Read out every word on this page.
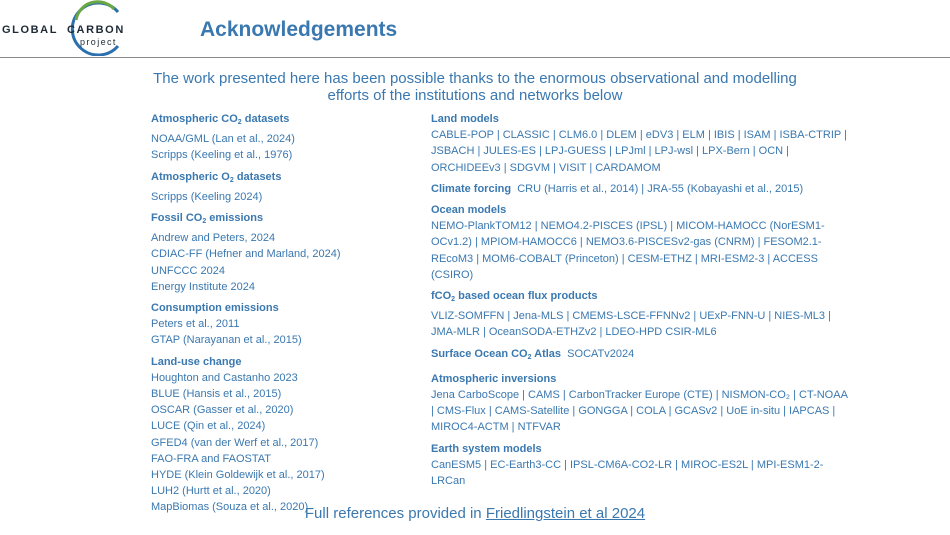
GLOBAL CARBON
project
Acknowledgements
The work presented here has been possible thanks to the enormous observational and modelling efforts of the institutions and networks below
Atmospheric $CO_2$ datasets
NOAA/GML (Lan et al., 2024)
Scripps (Keeling et al., 1976)
Atmospheric $O_2$ datasets
Scripps (Keeling 2024)
Fossil $CO_2$ emissions
Andrew and Peters, 2024
CDIAC-FF (Hefner and Marland, 2024)
UNFCCC 2024
Energy Institute 2024
Consumption emissions
Peters et al., 2011
GTAP (Narayanan et al., 2015)
Land-use change
Houghton and Castanho 2023
BLUE (Hansis et al., 2015)
OSCAR (Gasser et al., 2020)
LUCE (Qin et al., 2024)
GFED4 (van der Werf et al., 2017)
FAO-FRA and FAOSTAT
HYDE (Klein Goldewijk et al., 2017)
LUH2 (Hurtt et al., 2020)
MapBiomas (Souza et al., 2020)
Land models
CABLE-POP | CLASSIC | CLM6.0 | DLEM | eDV3 | ELM | IBIS | ISAM | ISBA-CTRIP | JSBACH | JULES-ES | LPJ-GUESS | LPJml | LPJ-wsl | LPX-Bern | OCN | ORCHIDEEv3 | SDGVM | VISIT | CARDAMOM
Climate forcing CRU (Harris et al., 2014) | JRA-55 (Kobayashi et al., 2015)
Ocean models
NEMO-PlankTOM12 | NEMO4.2-PISCES (IPSL) | MICOM-HAMOCC (NorESM1-OCv1.2) | MPIOM-HAMOCC6 | NEMO3.6-PISCESv2-gas (CNRM) | FESOM2.1-REcoM3 | MOM6-COBALT (Princeton) | CESM-ETHZ | MRI-ESM2-3 | ACCESS (CSIRO)
fCO$_2$ based ocean flux products
VLIZ-SOMFFN | Jena-MLS | CMEMS-LSCE-FFNNv2 | UExP-FNN-U | NIES-ML3 | JMA-MLR | OceanSODA-ETHZv2 | LDEO-HPD CSIR-ML6
Surface Ocean $CO_2$ Atlas SOCATv2024
Atmospheric inversions
Jena CarboScope | CAMS | CarbonTracker Europe (CTE) | NISMON-CO₂ | CT-NOAA | CMS-Flux | CAMS-Satellite | GONGGA | COLA | GCASv2 | UoE in-situ | IAPCAS | MIROC4-ACTM | NTFVAR
Earth system models
CanESM5 | EC-Earth3-CC | IPSL-CM6A-CO2-LR | MIROC-ES2L | MPI-ESM1-2-LRCan
Full references provided in Friedlingstein et al 2024
